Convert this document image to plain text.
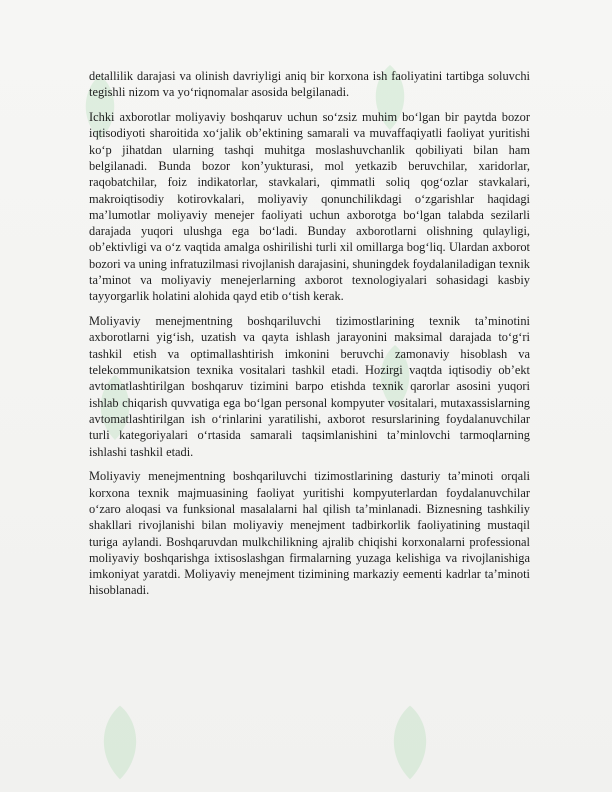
detallilik darajasi va olinish davriyligi aniq bir korxona ish faoliyatini tartibga soluvchi tegishli nizom va yo‘riqnomalar asosida belgilanadi.

Ichki axborotlar moliyaviy boshqaruv uchun so‘zsiz muhim bo‘lgan bir paytda bozor iqtisodiyoti sharoitida xo‘jalik ob’ektining samarali va muvaffaqiyatli faoliyat yuritishi ko‘p jihatdan ularning tashqi muhitga moslashuvchanlik qobiliyati bilan ham belgilanadi. Bunda bozor kon’yukturasi, mol yetkazib beruvchilar, xaridorlar, raqobatchilar, foiz indikatorlar, stavkalari, qimmatli soliq qog‘ozlar stavkalari, makroiqtisodiy kotirovkalari, moliyaviy qonunchilikdagi o‘zgarishlar haqidagi ma’lumotlar moliyaviy menejer faoliyati uchun axborotga bo‘lgan talabda sezilarli darajada yuqori ulushga ega bo‘ladi. Bunday axborotlarni olishning qulayligi, ob’ektivligi va o‘z vaqtida amalga oshirilishi turli xil omillarga bog‘liq. Ulardan axborot bozori va uning infratuzilmasi rivojlanish darajasini, shuningdek foydalaniladigan texnik ta’minot va moliyaviy menejerlarning axborot texnologiyalari sohasidagi kasbiy tayyorgarlik holatini alohida qayd etib o‘tish kerak.

Moliyaviy menejmentning boshqariluvchi tizimostlarining texnik ta’minotini axborotlarni yig‘ish, uzatish va qayta ishlash jarayonini maksimal darajada to‘g‘ri tashkil etish va optimallashtirish imkonini beruvchi zamonaviy hisoblash va telekommunikatsion texnika vositalari tashkil etadi. Hozirgi vaqtda iqtisodiy ob’ekt avtomatlashtirilgan boshqaruv tizimini barpo etishda texnik qarorlar asosini yuqori ishlab chiqarish quvvatiga ega bo‘lgan personal kompyuter vositalari, mutaxassislarning avtomatlashtirilgan ish o‘rinlarini yaratilishi, axborot resurslarining foydalanuvchilar turli kategoriyalari o‘rtasida samarali taqsimlanishini ta’minlovchi tarmoqlarning ishlashi tashkil etadi.

Moliyaviy menejmentning boshqariluvchi tizimostlarining dasturiy ta’minoti orqali korxona texnik majmuasining faoliyat yuritishi kompyuterlardan foydalanuvchilar o‘zaro aloqasi va funksional masalalarni hal qilish ta’minlanadi. Biznesning tashkiliy shakllari rivojlanishi bilan moliyaviy menejment tadbirkorlik faoliyatining mustaqil turiga aylandi. Boshqaruvdan mulkchilikning ajralib chiqishi korxonalarni professional moliyaviy boshqarishga ixtisoslashgan firmalarning yuzaga kelishiga va rivojlanishiga imkoniyat yaratdi. Moliyaviy menejment tizimining markaziy eementi kadrlar ta’minoti hisoblanadi.
